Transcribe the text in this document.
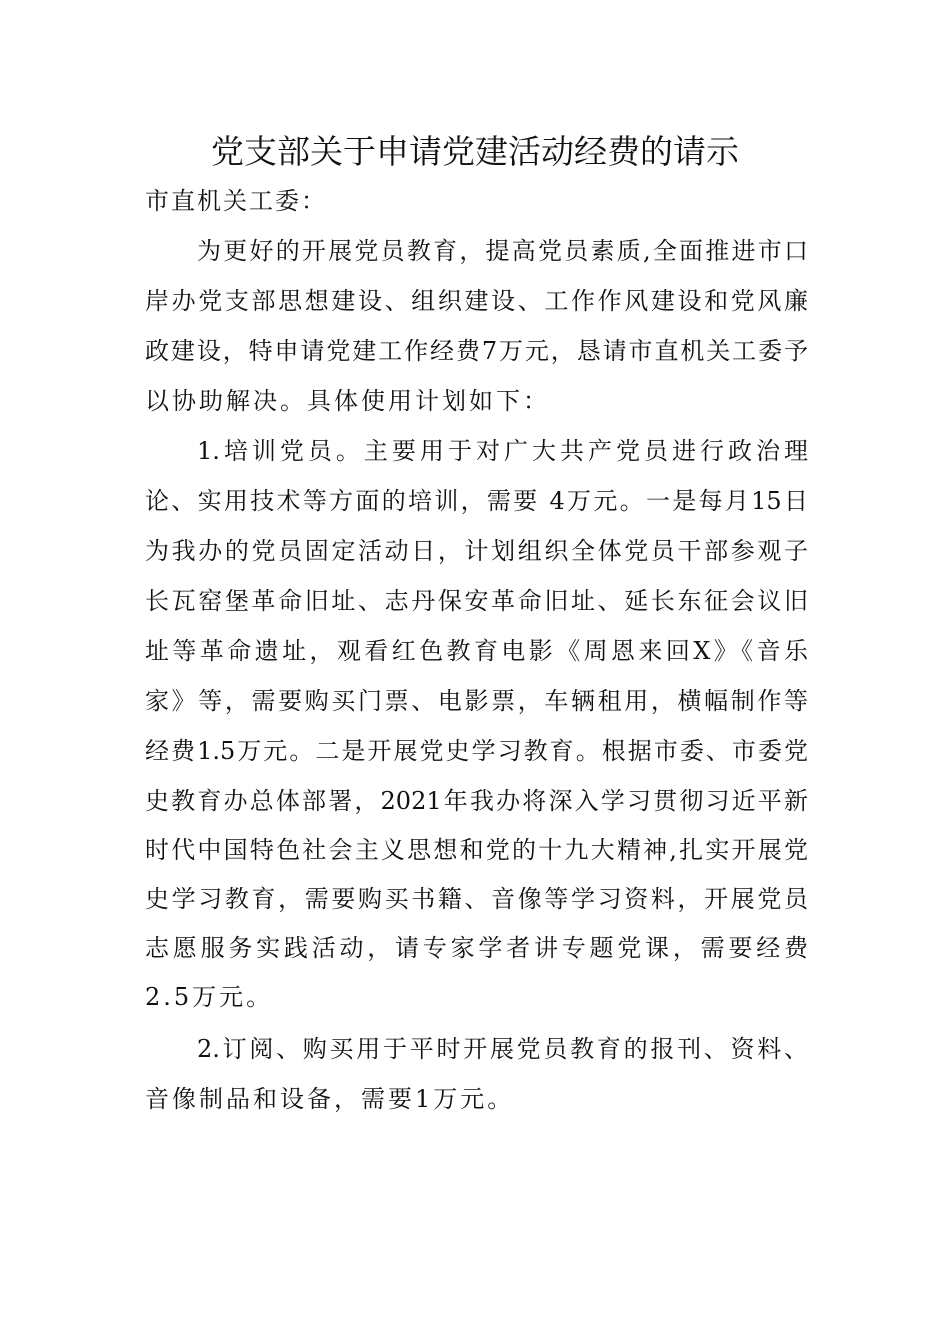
党支部关于申请党建活动经费的请示
市直机关工委：
为更好的开展党员教育，提高党员素质,全面推进市口
岸办党支部思想建设、组织建设、工作作风建设和党风廉
政建设，特申请党建工作经费7万元，恳请市直机关工委予
以协助解决。具体使用计划如下：
1.培训党员。主要用于对广大共产党员进行政治理
论、实用技术等方面的培训，需要 4万元。一是每月15日
为我办的党员固定活动日，计划组织全体党员干部参观子
长瓦窑堡革命旧址、志丹保安革命旧址、延长东征会议旧
址等革命遗址，观看红色教育电影《周恩来回X》《音乐
家》等，需要购买门票、电影票，车辆租用，横幅制作等
经费1.5万元。二是开展党史学习教育。根据市委、市委党
史教育办总体部署，2021年我办将深入学习贯彻习近平新
时代中国特色社会主义思想和党的十九大精神,扎实开展党
史学习教育，需要购买书籍、音像等学习资料，开展党员
志愿服务实践活动，请专家学者讲专题党课，需要经费
2.5万元。
2.订阅、购买用于平时开展党员教育的报刊、资料、
音像制品和设备，需要1万元。
